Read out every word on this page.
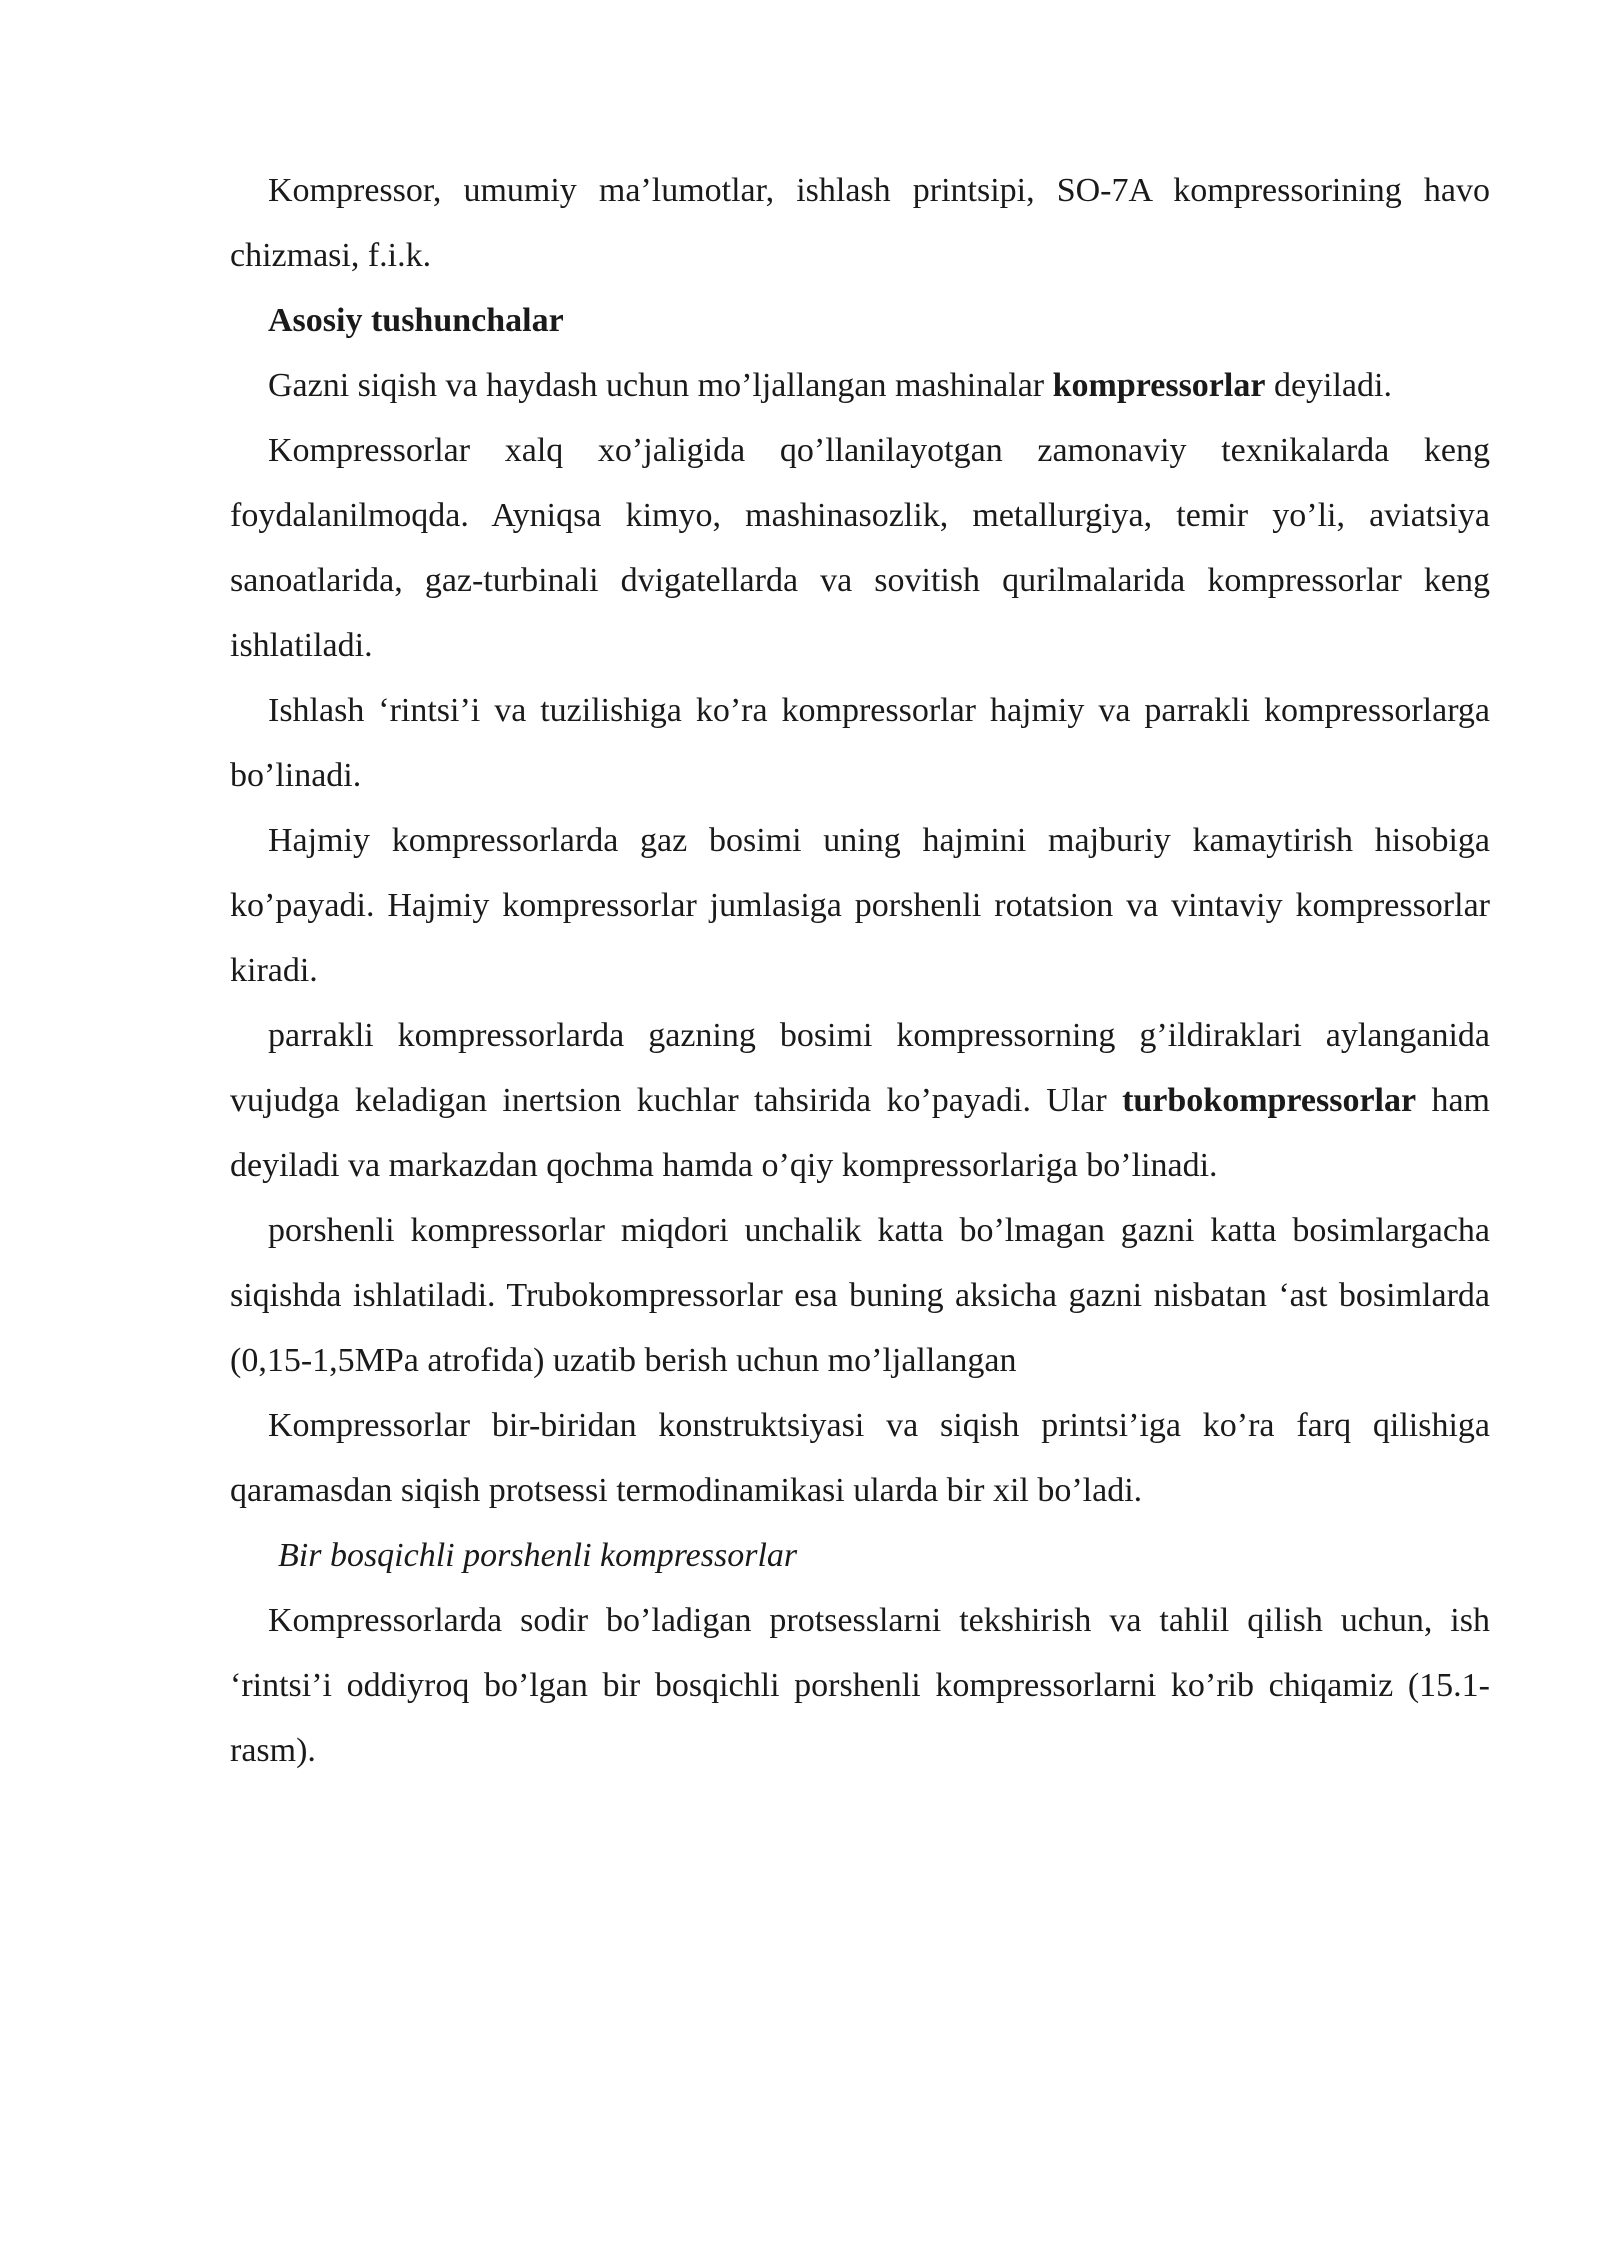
Kompressor, umumiy ma’lumotlar, ishlash printsipi, SO-7A kompressorining havo chizmasi, f.i.k.

Asosiy tushunchalar

Gazni siqish va haydash uchun mo’ljallangan mashinalar kompressorlar deyiladi.

Kompressorlar xalq xo’jaligida qo’llanilayotgan zamonaviy texnikalarda keng foydalanilmoqda. Ayniqsa kimyo, mashinasozlik, metallurgiya, temir yo’li, aviatsiya sanoatlarida, gaz-turbinali dvigatellarda va sovitish qurilmalarida kompressorlar keng ishlatiladi.

Ishlash ‘rintsi’i va tuzilishiga ko’ra kompressorlar hajmiy va parrakli kompressorlarga bo’linadi.

Hajmiy kompressorlarda gaz bosimi uning hajmini majburiy kamaytirish hisobiga ko’payadi. Hajmiy kompressorlar jumlasiga porshenli rotatsion va vintaviy kompressorlar kiradi.

parrakli kompressorlarda gazning bosimi kompressorning g’ildiraklari aylanganida vujudga keladigan inertsion kuchlar tahsirida ko’payadi. Ular turbokompressorlar ham deyiladi va markazdan qochma hamda o’qiy kompressorlariga bo’linadi.

porshenli kompressorlar miqdori unchalik katta bo’lmagan gazni katta bosimlargacha siqishda ishlatiladi. Trubokompressorlar esa buning aksicha gazni nisbatan ‘ast bosimlarda (0,15-1,5MPa atrofida) uzatib berish uchun mo’ljallangan

Kompressorlar bir-biridan konstruktsiyasi va siqish printsi’iga ko’ra farq qilishiga qaramasdan siqish protsessi termodinamikasi ularda bir xil bo’ladi.

Bir bosqichli porshenli kompressorlar

Kompressorlarda sodir bo’ladigan protsesslarni tekshirish va tahlil qilish uchun, ish ‘rintsi’i oddiyroq bo’lgan bir bosqichli porshenli kompressorlarni ko’rib chiqamiz (15.1-rasm).
